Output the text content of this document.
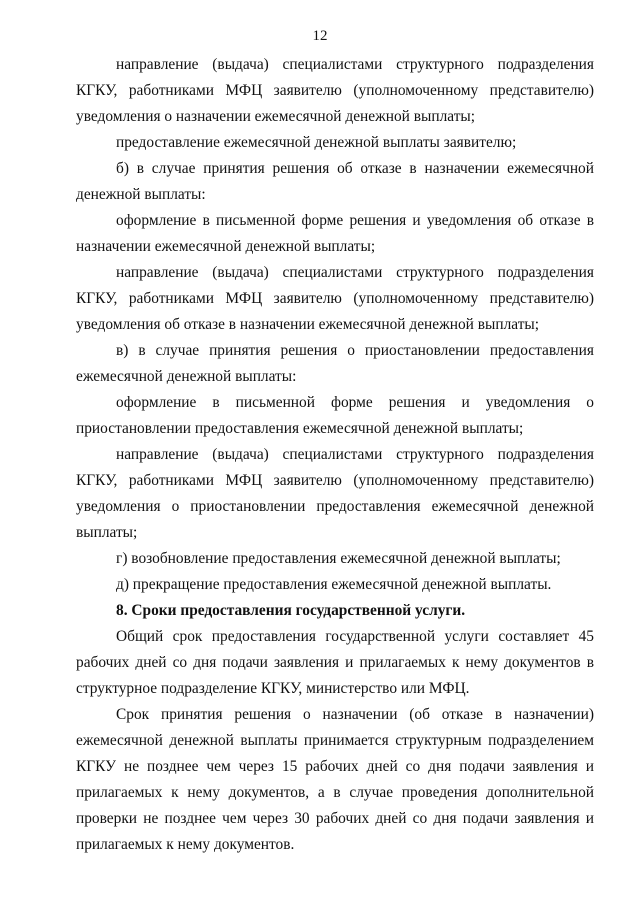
12

направление (выдача) специалистами структурного подразделения КГКУ, работниками МФЦ заявителю (уполномоченному представителю) уведомления о назначении ежемесячной денежной выплаты;

предоставление ежемесячной денежной выплаты заявителю;

б) в случае принятия решения об отказе в назначении ежемесячной денежной выплаты:

оформление в письменной форме решения и уведомления об отказе в назначении ежемесячной денежной выплаты;

направление (выдача) специалистами структурного подразделения КГКУ, работниками МФЦ заявителю (уполномоченному представителю) уведомления об отказе в назначении ежемесячной денежной выплаты;

в) в случае принятия решения о приостановлении предоставления ежемесячной денежной выплаты:

оформление в письменной форме решения и уведомления о приостановлении предоставления ежемесячной денежной выплаты;

направление (выдача) специалистами структурного подразделения КГКУ, работниками МФЦ заявителю (уполномоченному представителю) уведомления о приостановлении предоставления ежемесячной денежной выплаты;

г) возобновление предоставления ежемесячной денежной выплаты;

д) прекращение предоставления ежемесячной денежной выплаты.

8. Сроки предоставления государственной услуги.

Общий срок предоставления государственной услуги составляет 45 рабочих дней со дня подачи заявления и прилагаемых к нему документов в структурное подразделение КГКУ, министерство или МФЦ.

Срок принятия решения о назначении (об отказе в назначении) ежемесячной денежной выплаты принимается структурным подразделением КГКУ не позднее чем через 15 рабочих дней со дня подачи заявления и прилагаемых к нему документов, а в случае проведения дополнительной проверки не позднее чем через 30 рабочих дней со дня подачи заявления и прилагаемых к нему документов.
